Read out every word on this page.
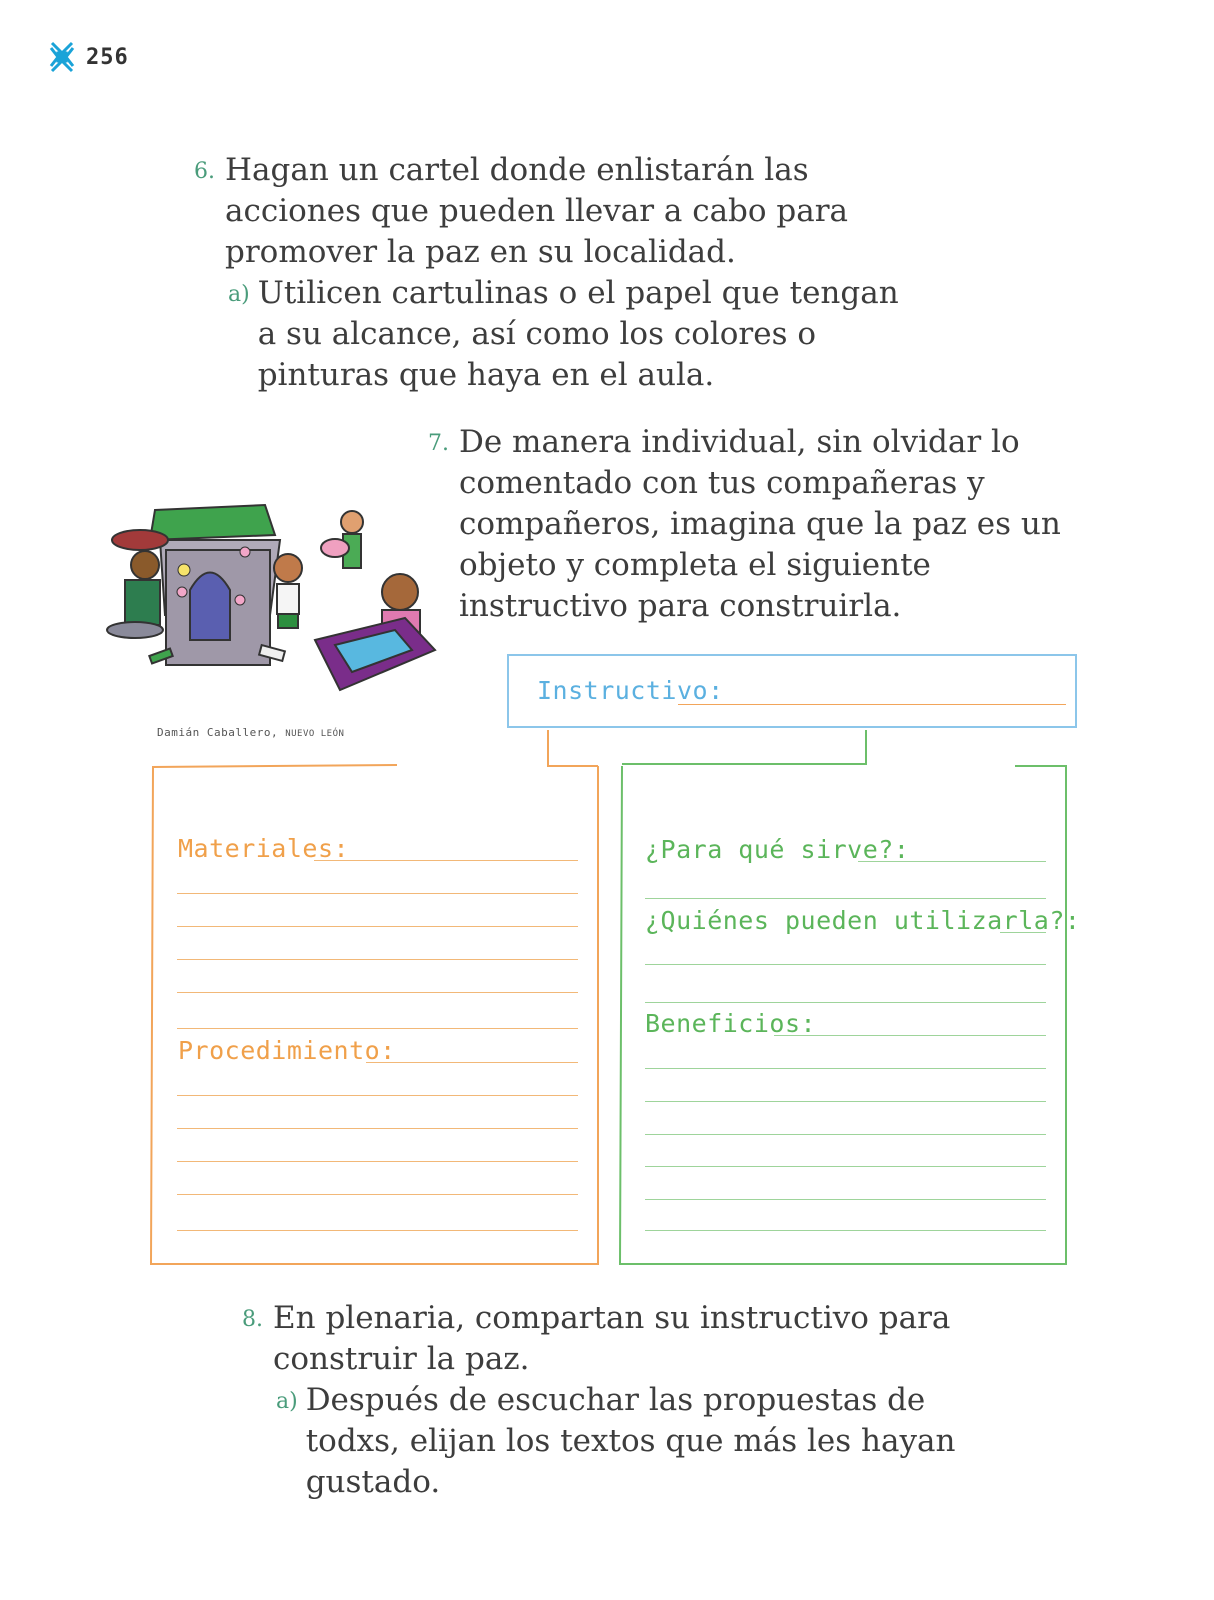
256
6. Hagan un cartel donde enlistarán las acciones que pueden llevar a cabo para promover la paz en su localidad.
a) Utilicen cartulinas o el papel que tengan a su alcance, así como los colores o pinturas que haya en el aula.
7. De manera individual, sin olvidar lo comentado con tus compañeras y compañeros, imagina que la paz es un objeto y completa el siguiente instructivo para construirla.
Damián Caballero, NUEVO LEÓN
Instructivo:
Materiales:
Procedimiento:
¿Para qué sirve?:
¿Quiénes pueden utilizarla?:
Beneficios:
8. En plenaria, compartan su instructivo para construir la paz.
a) Después de escuchar las propuestas de todxs, elijan los textos que más les hayan gustado.
